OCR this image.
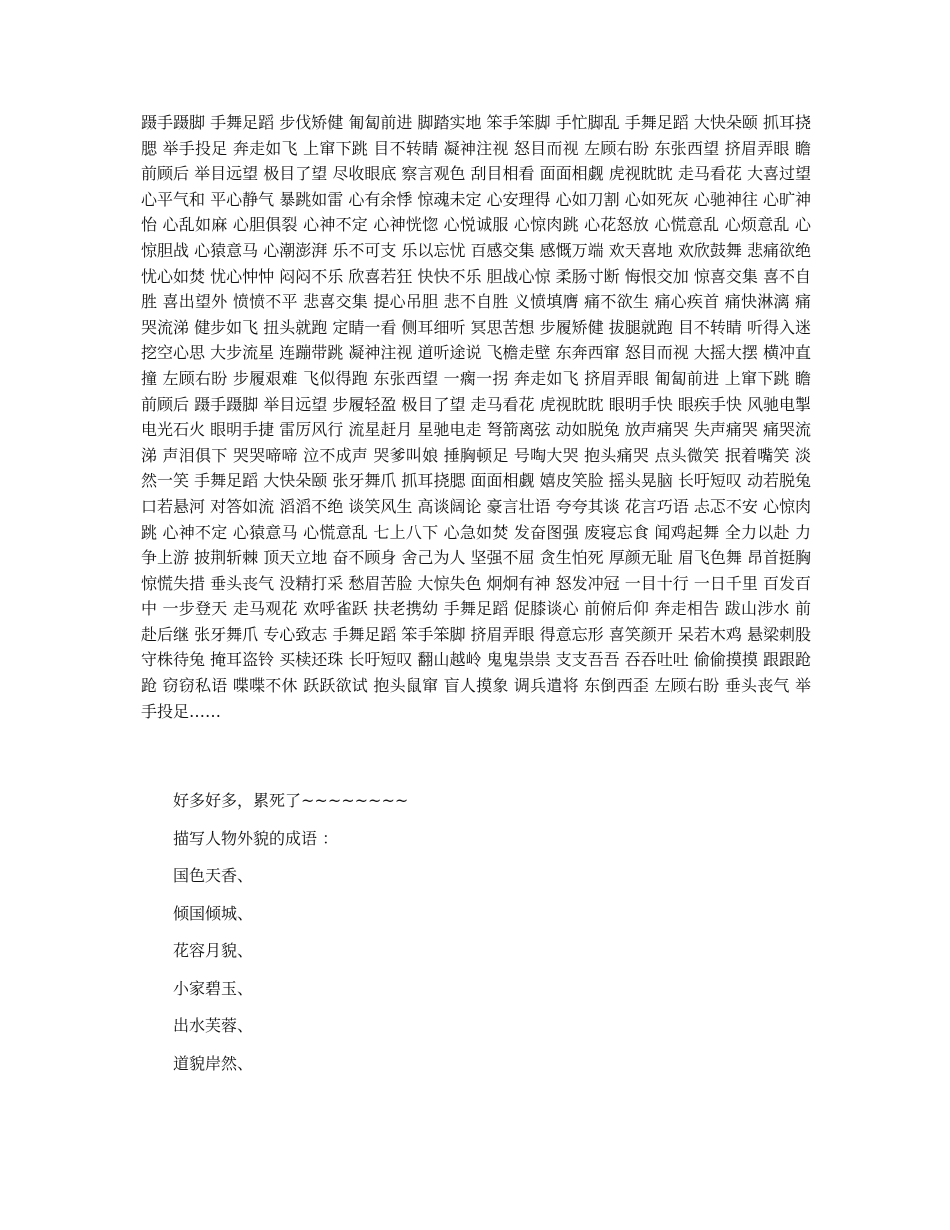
蹑手蹑脚 手舞足蹈 步伐矫健 匍匐前进 脚踏实地 笨手笨脚 手忙脚乱 手舞足蹈 大快朵颐 抓耳挠腮 举手投足 奔走如飞 上窜下跳 目不转睛 凝神注视 怒目而视 左顾右盼 东张西望 挤眉弄眼 瞻前顾后 举目远望 极目了望 尽收眼底 察言观色 刮目相看 面面相觑 虎视眈眈 走马看花 大喜过望 心平气和 平心静气 暴跳如雷 心有余悸 惊魂未定 心安理得 心如刀割 心如死灰 心驰神往 心旷神怡 心乱如麻 心胆俱裂 心神不定 心神恍惚 心悦诚服 心惊肉跳 心花怒放 心慌意乱 心烦意乱 心惊胆战 心猿意马 心潮澎湃 乐不可支 乐以忘忧 百感交集 感慨万端 欢天喜地 欢欣鼓舞 悲痛欲绝 忧心如焚 忧心忡忡 闷闷不乐 欣喜若狂 快快不乐 胆战心惊 柔肠寸断 悔恨交加 惊喜交集 喜不自胜 喜出望外 愤愤不平 悲喜交集 提心吊胆 悲不自胜 义愤填膺 痛不欲生 痛心疾首 痛快淋漓 痛哭流涕 健步如飞 扭头就跑 定睛一看 侧耳细听 冥思苦想 步履矫健 拔腿就跑 目不转睛 听得入迷 挖空心思 大步流星 连蹦带跳 凝神注视 道听途说 飞檐走壁 东奔西窜 怒目而视 大摇大摆 横冲直撞 左顾右盼 步履艰难 飞似得跑 东张西望 一瘸一拐 奔走如飞 挤眉弄眼 匍匐前进 上窜下跳 瞻前顾后 蹑手蹑脚 举目远望 步履轻盈 极目了望 走马看花 虎视眈眈 眼明手快 眼疾手快 风驰电掣 电光石火 眼明手捷 雷厉风行 流星赶月 星驰电走 弩箭离弦 动如脱兔 放声痛哭 失声痛哭 痛哭流涕 声泪俱下 哭哭啼啼 泣不成声 哭爹叫娘 捶胸顿足 号啕大哭 抱头痛哭 点头微笑 抿着嘴笑 淡然一笑 手舞足蹈 大快朵颐 张牙舞爪 抓耳挠腮 面面相觑 嬉皮笑脸 摇头晃脑 长吁短叹 动若脱兔 口若悬河 对答如流 滔滔不绝 谈笑风生 高谈阔论 豪言壮语 夸夸其谈 花言巧语 忐忑不安 心惊肉跳 心神不定 心猿意马 心慌意乱 七上八下 心急如焚 发奋图强 废寝忘食 闻鸡起舞 全力以赴 力争上游 披荆斩棘 顶天立地 奋不顾身 舍己为人 坚强不屈 贪生怕死 厚颜无耻 眉飞色舞 昂首挺胸 惊慌失措 垂头丧气 没精打采 愁眉苦脸 大惊失色 炯炯有神 怒发冲冠 一目十行 一日千里 百发百中 一步登天 走马观花 欢呼雀跃 扶老携幼 手舞足蹈 促膝谈心 前俯后仰 奔走相告 跋山涉水 前赴后继 张牙舞爪 专心致志 手舞足蹈 笨手笨脚 挤眉弄眼 得意忘形 喜笑颜开 呆若木鸡 悬梁刺股 守株待兔 掩耳盗铃 买椟还珠 长吁短叹 翻山越岭 鬼鬼祟祟 支支吾吾 吞吞吐吐 偷偷摸摸 跟跟跄跄 窃窃私语 喋喋不休 跃跃欲试 抱头鼠窜 盲人摸象 调兵遣将 东倒西歪 左顾右盼 垂头丧气 举手投足……

好多好多，累死了~~~~~~~~

描写人物外貌的成语 ：

国色天香、

倾国倾城、

花容月貌、

小家碧玉、

出水芙蓉、

道貌岸然、
